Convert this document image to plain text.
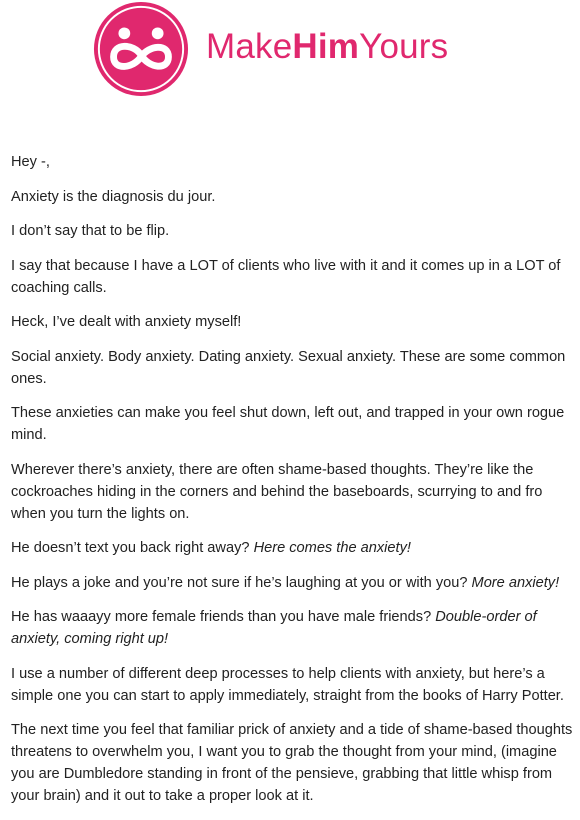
MakeHimYours

Hey -,

Anxiety is the diagnosis du jour.

I don’t say that to be flip.

I say that because I have a LOT of clients who live with it and it comes up in a LOT of coaching calls.

Heck, I’ve dealt with anxiety myself!

Social anxiety. Body anxiety. Dating anxiety. Sexual anxiety. These are some common ones.

These anxieties can make you feel shut down, left out, and trapped in your own rogue mind.

Wherever there’s anxiety, there are often shame-based thoughts. They’re like the cockroaches hiding in the corners and behind the baseboards, scurrying to and fro when you turn the lights on.

He doesn’t text you back right away? Here comes the anxiety!

He plays a joke and you’re not sure if he’s laughing at you or with you? More anxiety!

He has waaayy more female friends than you have male friends? Double-order of anxiety, coming right up!

I use a number of different deep processes to help clients with anxiety, but here’s a simple one you can start to apply immediately, straight from the books of Harry Potter.

The next time you feel that familiar prick of anxiety and a tide of shame-based thoughts threatens to overwhelm you, I want you to grab the thought from your mind, (imagine you are Dumbledore standing in front of the pensieve, grabbing that little whisp from your brain) and it out to take a proper look at it.
